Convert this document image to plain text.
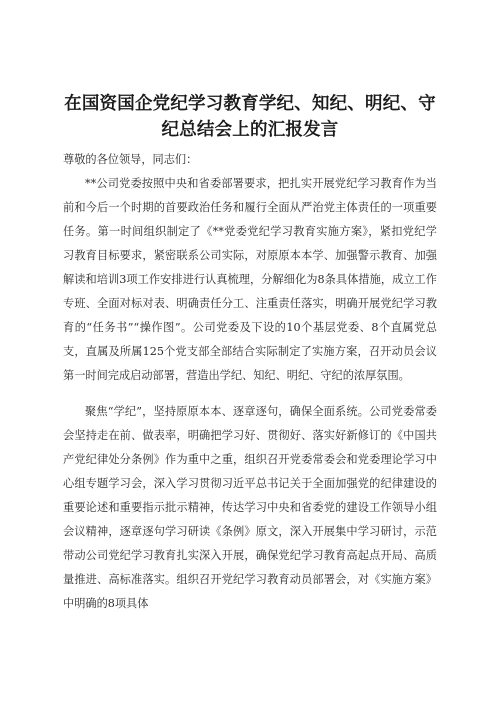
在国资国企党纪学习教育学纪、知纪、明纪、守
纪总结会上的汇报发言

尊敬的各位领导，同志们：

**公司党委按照中央和省委部署要求，把扎实开展党纪学习教育作为当前和今后一个时期的首要政治任务和履行全面从严治党主体责任的一项重要任务。第一时间组织制定了《**党委党纪学习教育实施方案》，紧扣党纪学习教育目标要求，紧密联系公司实际，对原原本本学、加强警示教育、加强解读和培训3项工作安排进行认真梳理，分解细化为8条具体措施，成立工作专班、全面对标对表、明确责任分工、注重责任落实，明确开展党纪学习教育的“任务书”“操作图”。公司党委及下设的10个基层党委、8个直属党总支，直属及所属125个党支部全部结合实际制定了实施方案，召开动员会议第一时间完成启动部署，营造出学纪、知纪、明纪、守纪的浓厚氛围。

聚焦“学纪”，坚持原原本本、逐章逐句，确保全面系统。公司党委常委会坚持走在前、做表率，明确把学习好、贯彻好、落实好新修订的《中国共产党纪律处分条例》作为重中之重，组织召开党委常委会和党委理论学习中心组专题学习会，深入学习贯彻习近平总书记关于全面加强党的纪律建设的重要论述和重要指示批示精神，传达学习中央和省委党的建设工作领导小组会议精神，逐章逐句学习研读《条例》原文，深入开展集中学习研讨，示范带动公司党纪学习教育扎实深入开展，确保党纪学习教育高起点开局、高质量推进、高标准落实。组织召开党纪学习教育动员部署会，对《实施方案》中明确的8项具体
